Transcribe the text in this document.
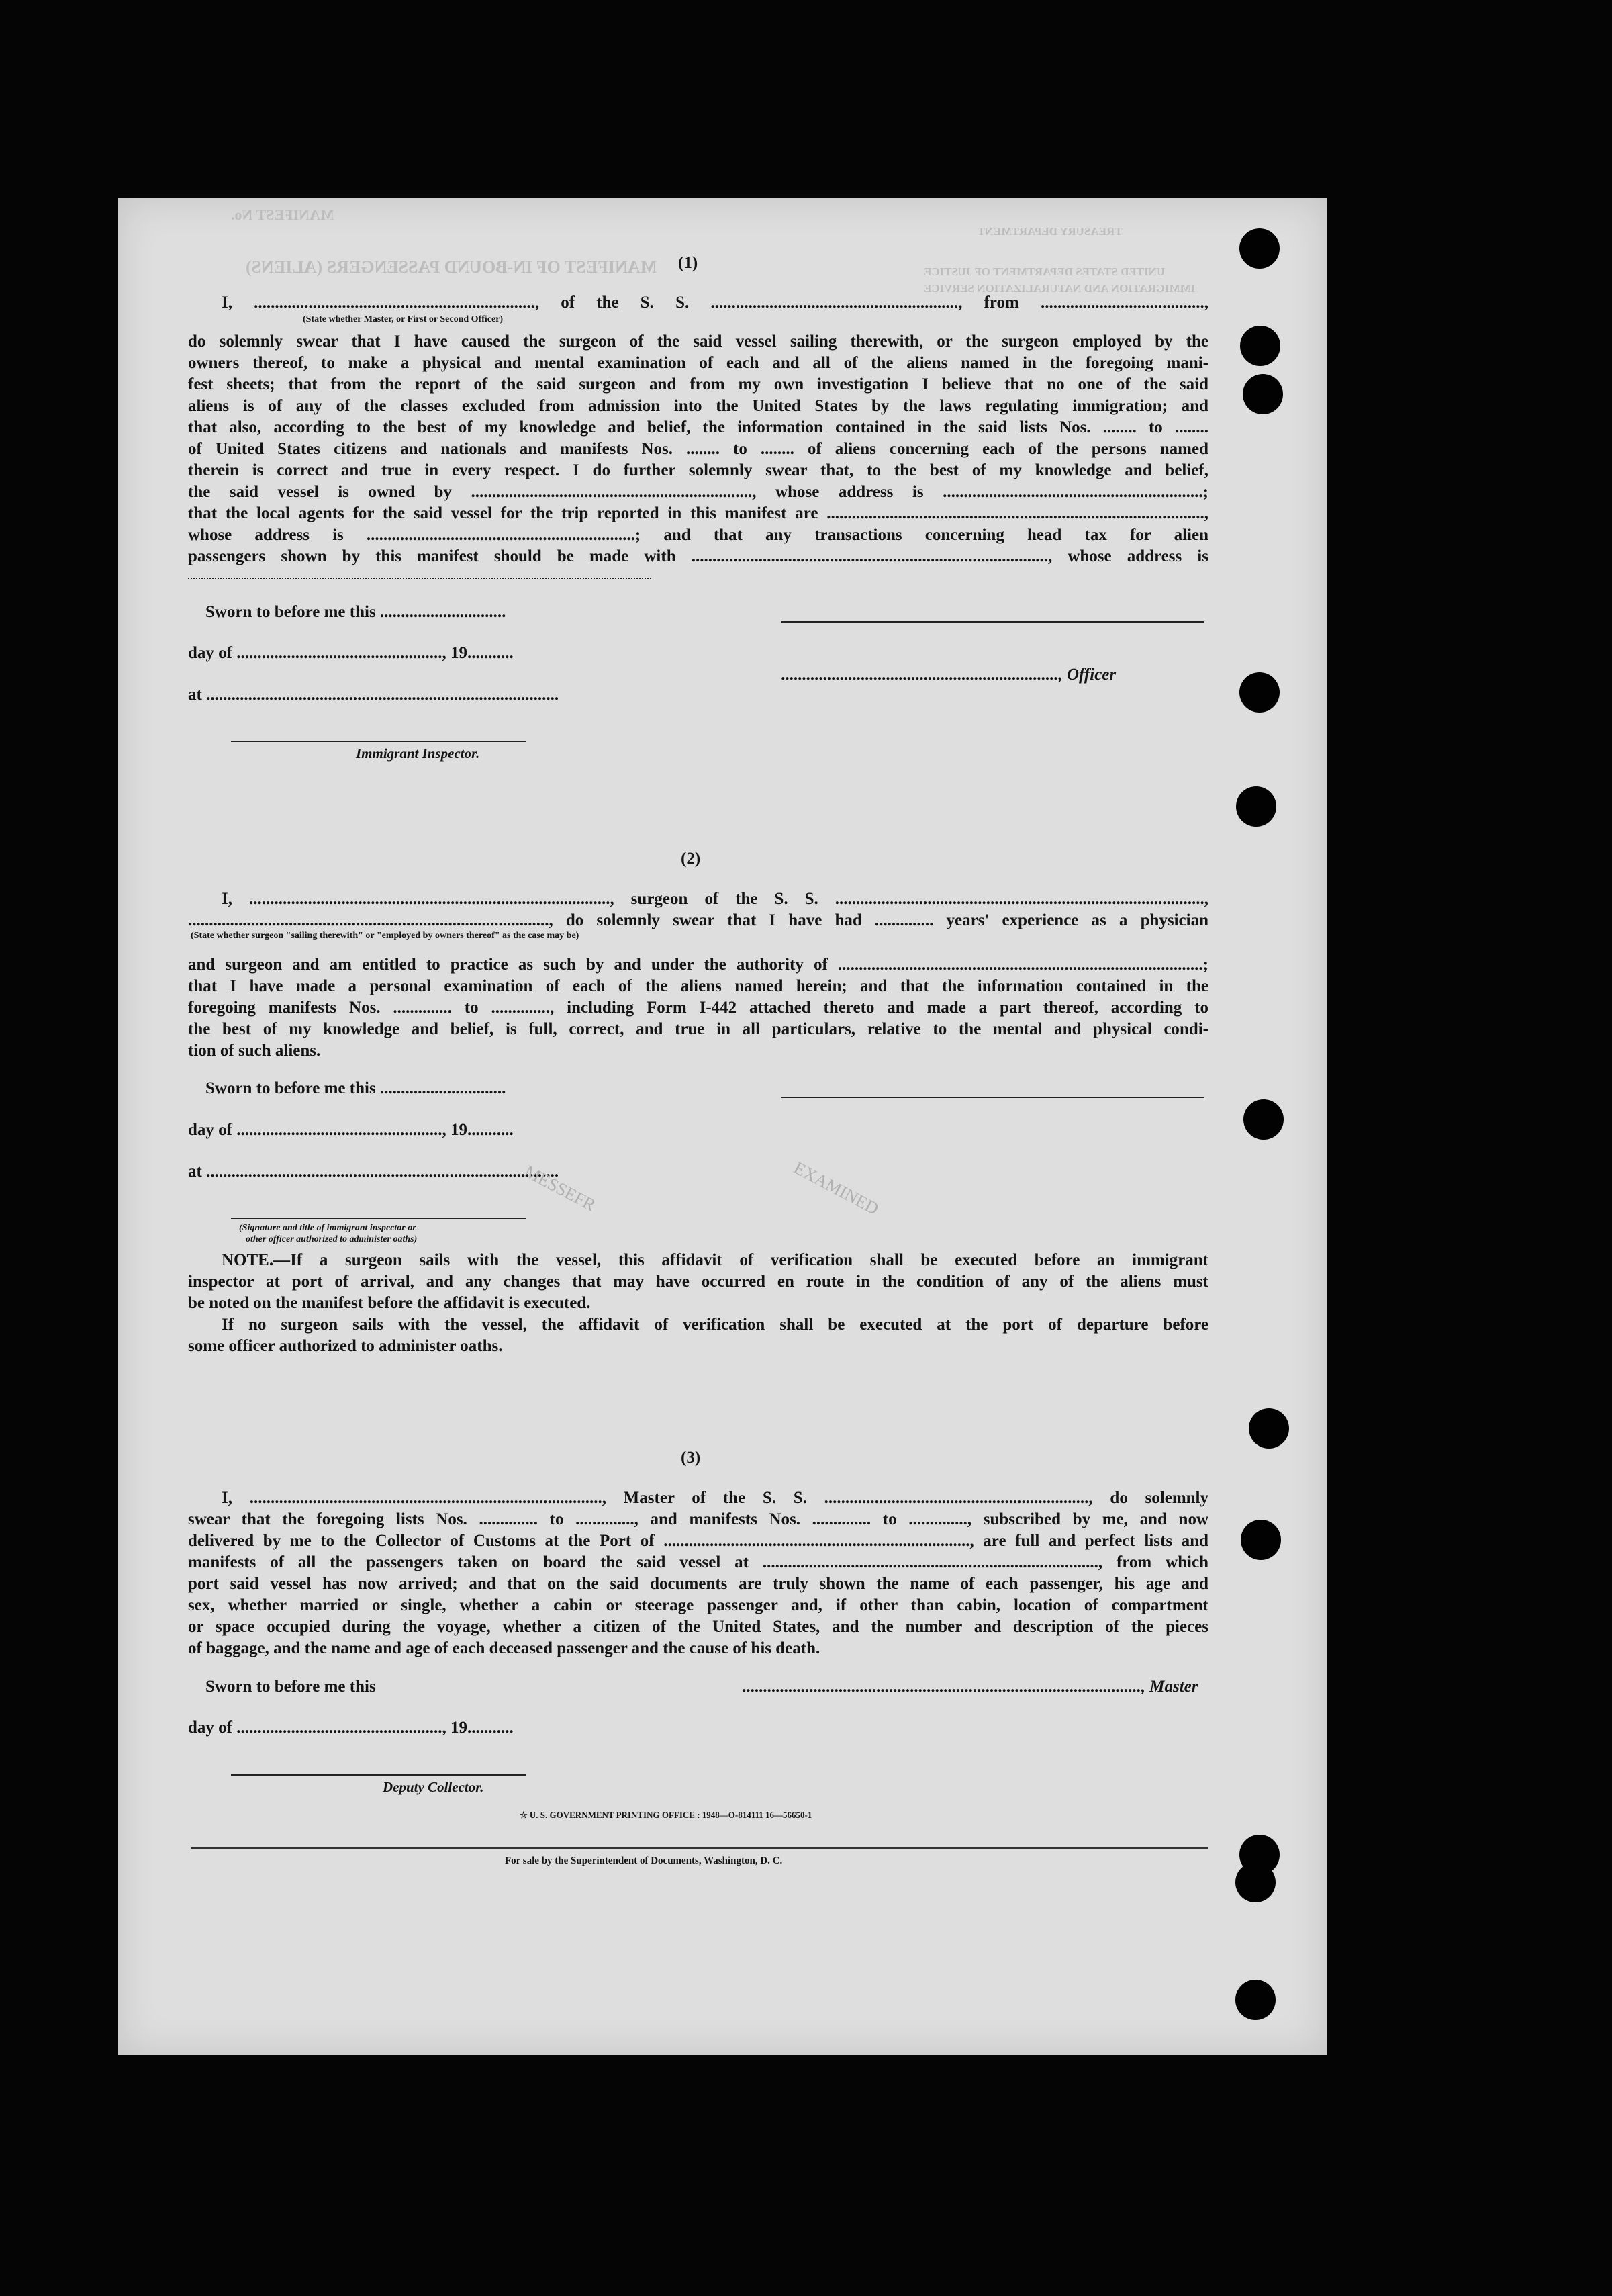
MANIFEST No.
MANIFEST OF IN-BOUND PASSENGERS (ALIENS)
TREASURY DEPARTMENT
UNITED STATES DEPARTMENT OF JUSTICE
IMMIGRATION AND NATURALIZATION SERVICE
(1)
I, ..................................................................., of the S. S. ..........................................................., from .......................................,
(State whether Master, or First or Second Officer)
do solemnly swear that I have caused the surgeon of the said vessel sailing therewith, or the surgeon employed by the
owners thereof, to make a physical and mental examination of each and all of the aliens named in the foregoing mani-
fest sheets; that from the report of the said surgeon and from my own investigation I believe that no one of the said
aliens is of any of the classes excluded from admission into the United States by the laws regulating immigration; and
that also, according to the best of my knowledge and belief, the information contained in the said lists Nos. ........ to ........
of United States citizens and nationals and manifests Nos. ........ to ........ of aliens concerning each of the persons named
therein is correct and true in every respect. I do further solemnly swear that, to the best of my knowledge and belief,
the said vessel is owned by ..................................................................., whose address is ..............................................................;
that the local agents for the said vessel for the trip reported in this manifest are ..........................................................................................,
whose address is ................................................................; and that any transactions concerning head tax for alien
passengers shown by this manifest should be made with ....................................................................................., whose address is
Sworn to before me this ..............................
day of ................................................., 19...........
.................................................................., Officer
at ....................................................................................
Immigrant Inspector.
(2)
I, ......................................................................................, surgeon of the S. S. ........................................................................................,
......................................................................................, do solemnly swear that I have had .............. years' experience as a physician
(State whether surgeon "sailing therewith" or "employed by owners thereof" as the case may be)
and surgeon and am entitled to practice as such by and under the authority of .......................................................................................;
that I have made a personal examination of each of the aliens named herein; and that the information contained in the
foregoing manifests Nos. .............. to .............., including Form I-442 attached thereto and made a part thereof, according to
the best of my knowledge and belief, is full, correct, and true in all particulars, relative to the mental and physical condi-
tion of such aliens.
Sworn to before me this ..............................
day of ................................................., 19...........
at ....................................................................................
(Signature and title of immigrant inspector or
other officer authorized to administer oaths)
NOTE.—If a surgeon sails with the vessel, this affidavit of verification shall be executed before an immigrant
inspector at port of arrival, and any changes that may have occurred en route in the condition of any of the aliens must
be noted on the manifest before the affidavit is executed.
If no surgeon sails with the vessel, the affidavit of verification shall be executed at the port of departure before
some officer authorized to administer oaths.
MESSEFR	EXAMINED
(3)
I, ...................................................................................., Master of the S. S. ..............................................................., do solemnly
swear that the foregoing lists Nos. .............. to .............., and manifests Nos. .............. to .............., subscribed by me, and now
delivered by me to the Collector of Customs at the Port of ........................................................................., are full and perfect lists and
manifests of all the passengers taken on board the said vessel at ................................................................................, from which
port said vessel has now arrived; and that on the said documents are truly shown the name of each passenger, his age and
sex, whether married or single, whether a cabin or steerage passenger and, if other than cabin, location of compartment
or space occupied during the voyage, whether a citizen of the United States, and the number and description of the pieces
of baggage, and the name and age of each deceased passenger and the cause of his death.
Sworn to before me this	..............................................................................................., Master
day of ................................................., 19...........
Deputy Collector.
☆ U. S. GOVERNMENT PRINTING OFFICE : 1948—O-814111 16—56650-1
For sale by the Superintendent of Documents, Washington, D. C.
